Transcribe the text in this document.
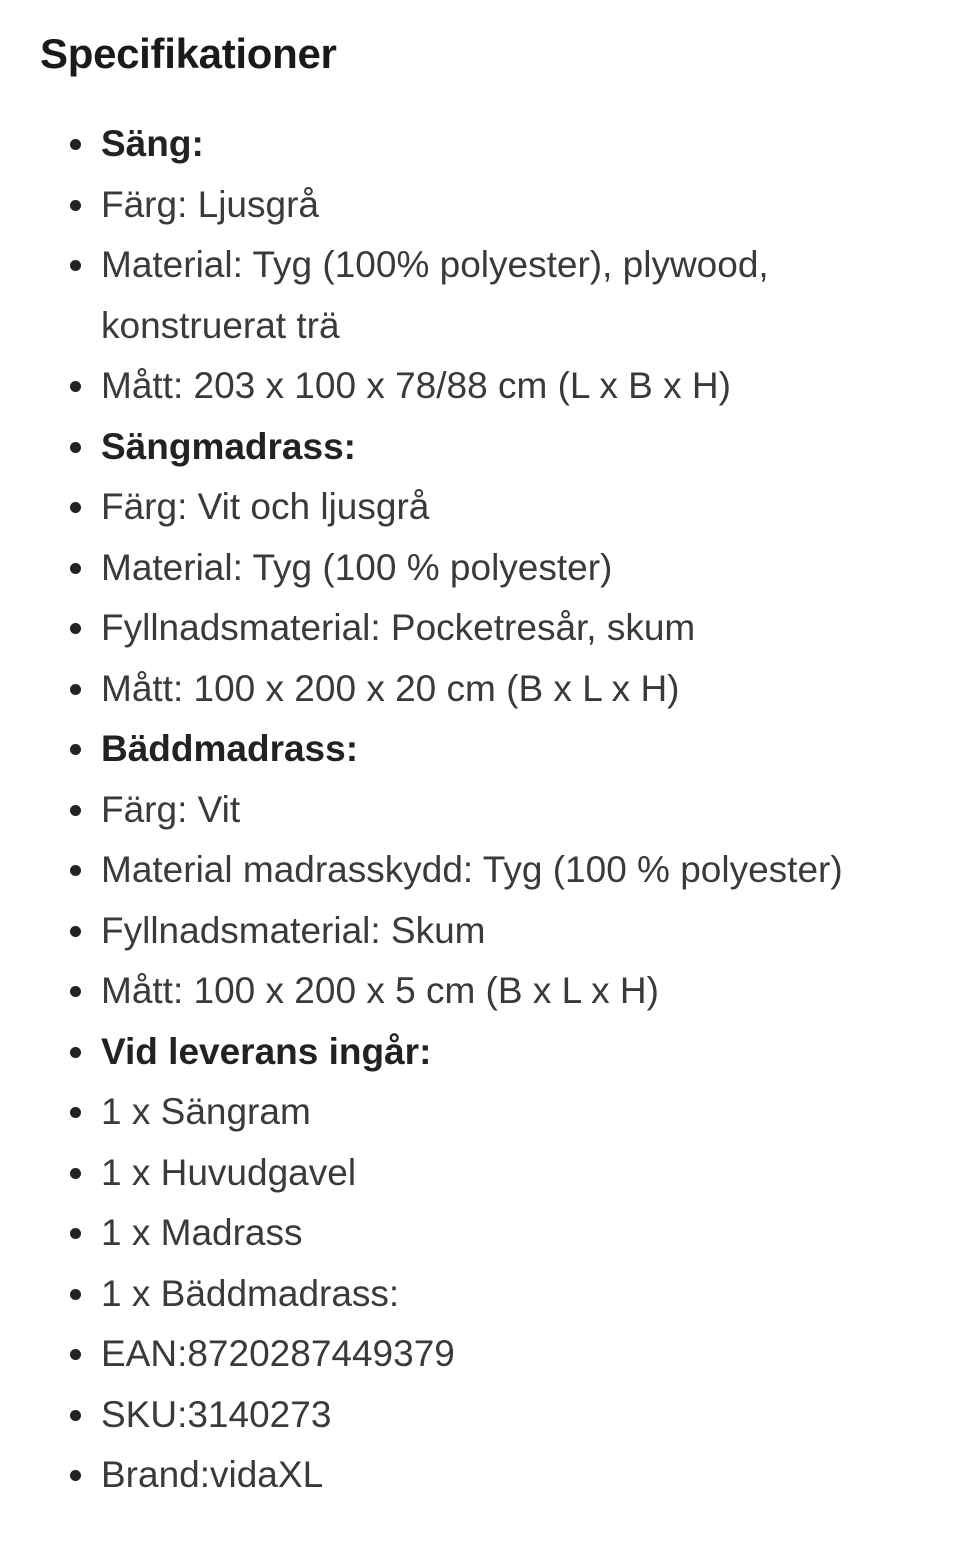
Specifikationer
Säng:
Färg: Ljusgrå
Material: Tyg (100% polyester), plywood, konstruerat trä
Mått: 203 x 100 x 78/88 cm (L x B x H)
Sängmadrass:
Färg: Vit och ljusgrå
Material: Tyg (100 % polyester)
Fyllnadsmaterial: Pocketresår, skum
Mått: 100 x 200 x 20 cm (B x L x H)
Bäddmadrass:
Färg: Vit
Material madrasskydd: Tyg (100 % polyester)
Fyllnadsmaterial: Skum
Mått: 100 x 200 x 5 cm (B x L x H)
Vid leverans ingår:
1 x Sängram
1 x Huvudgavel
1 x Madrass
1 x Bäddmadrass:
EAN:8720287449379
SKU:3140273
Brand:vidaXL
